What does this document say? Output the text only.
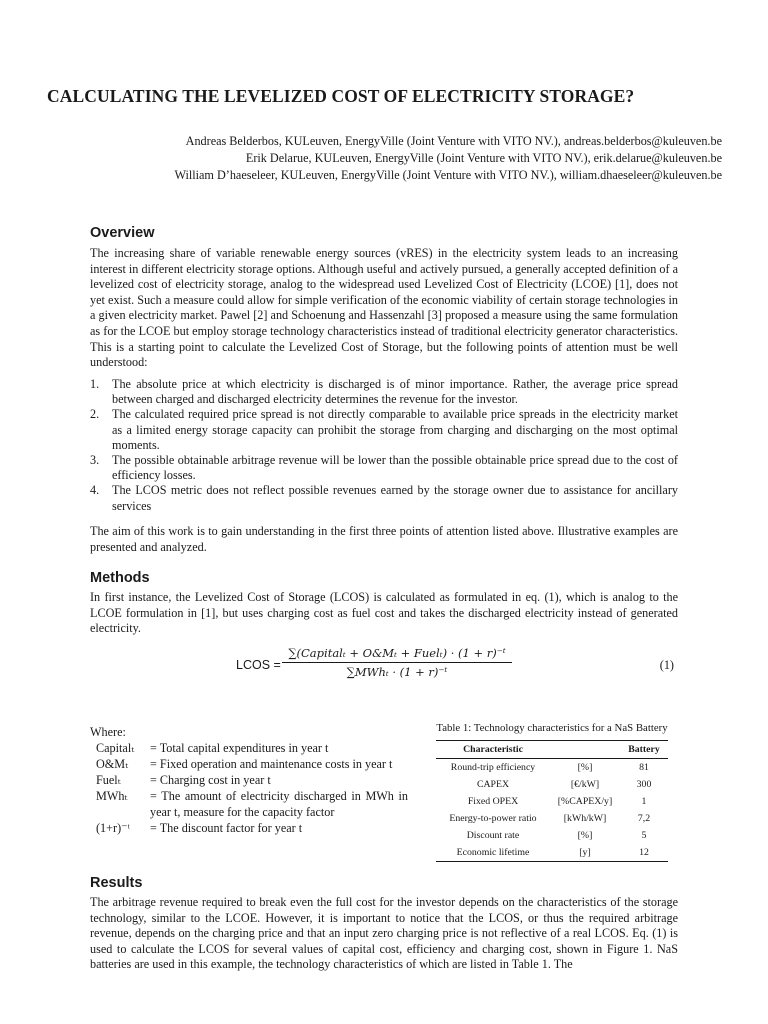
CALCULATING THE LEVELIZED COST OF ELECTRICITY STORAGE?
Andreas Belderbos, KULeuven, EnergyVille (Joint Venture with VITO NV.), andreas.belderbos@kuleuven.be
Erik Delarue, KULeuven, EnergyVille (Joint Venture with VITO NV.), erik.delarue@kuleuven.be
William D’haeseleer, KULeuven, EnergyVille (Joint Venture with VITO NV.), william.dhaeseleer@kuleuven.be
Overview

The increasing share of variable renewable energy sources (vRES) in the electricity system leads to an increasing interest in different electricity storage options. Although useful and actively pursued, a generally accepted definition of a levelized cost of electricity storage, analog to the widespread used Levelized Cost of Electricity (LCOE) [1], does not yet exist. Such a measure could allow for simple verification of the economic viability of certain storage technologies in a given electricity market. Pawel [2] and Schoenung and Hassenzahl [3] proposed a measure using the same formulation as for the LCOE but employ storage technology characteristics instead of traditional electricity generator characteristics. This is a starting point to calculate the Levelized Cost of Storage, but the following points of attention must be well understood:

1. The absolute price at which electricity is discharged is of minor importance. Rather, the average price spread between charged and discharged electricity determines the revenue for the investor.
2. The calculated required price spread is not directly comparable to available price spreads in the electricity market as a limited energy storage capacity can prohibit the storage from charging and discharging on the most optimal moments.
3. The possible obtainable arbitrage revenue will be lower than the possible obtainable price spread due to the cost of efficiency losses.
4. The LCOS metric does not reflect possible revenues earned by the storage owner due to assistance for ancillary services

The aim of this work is to gain understanding in the first three points of attention listed above. Illustrative examples are presented and analyzed.

Methods

In first instance, the Levelized Cost of Storage (LCOS) is calculated as formulated in eq. (1), which is analog to the LCOE formulation in [1], but uses charging cost as fuel cost and takes the discharged electricity instead of generated electricity.

LCOS =
∑(Capitalₜ + O&Mₜ + Fuelₜ) · (1 + r)⁻ᵗ
∑MWhₜ · (1 + r)⁻ᵗ	(1)
Where:
Capitalₜ	= Total capital expenditures in year t
O&Mₜ	= Fixed operation and maintenance costs in year t
Fuelₜ	= Charging cost in year t
MWhₜ	= The amount of electricity discharged in MWh in year t, measure for the capacity factor
(1+r)⁻ᵗ	= The discount factor for year t
Table 1: Technology characteristics for a NaS Battery
Characteristic		Battery
Round-trip efficiency	[%]	81
CAPEX	[€/kW]	300
Fixed OPEX	[%CAPEX/y]	1
Energy-to-power ratio	[kWh/kW]	7,2
Discount rate	[%]	5
Economic lifetime	[y]	12
Results

The arbitrage revenue required to break even the full cost for the investor depends on the characteristics of the storage technology, similar to the LCOE. However, it is important to notice that the LCOS, or thus the required arbitrage revenue, depends on the charging price and that an input zero charging price is not reflective of a real LCOS. Eq. (1) is used to calculate the LCOS for several values of capital cost, efficiency and charging cost, shown in Figure 1. NaS batteries are used in this example, the technology characteristics of which are listed in Table 1. The
